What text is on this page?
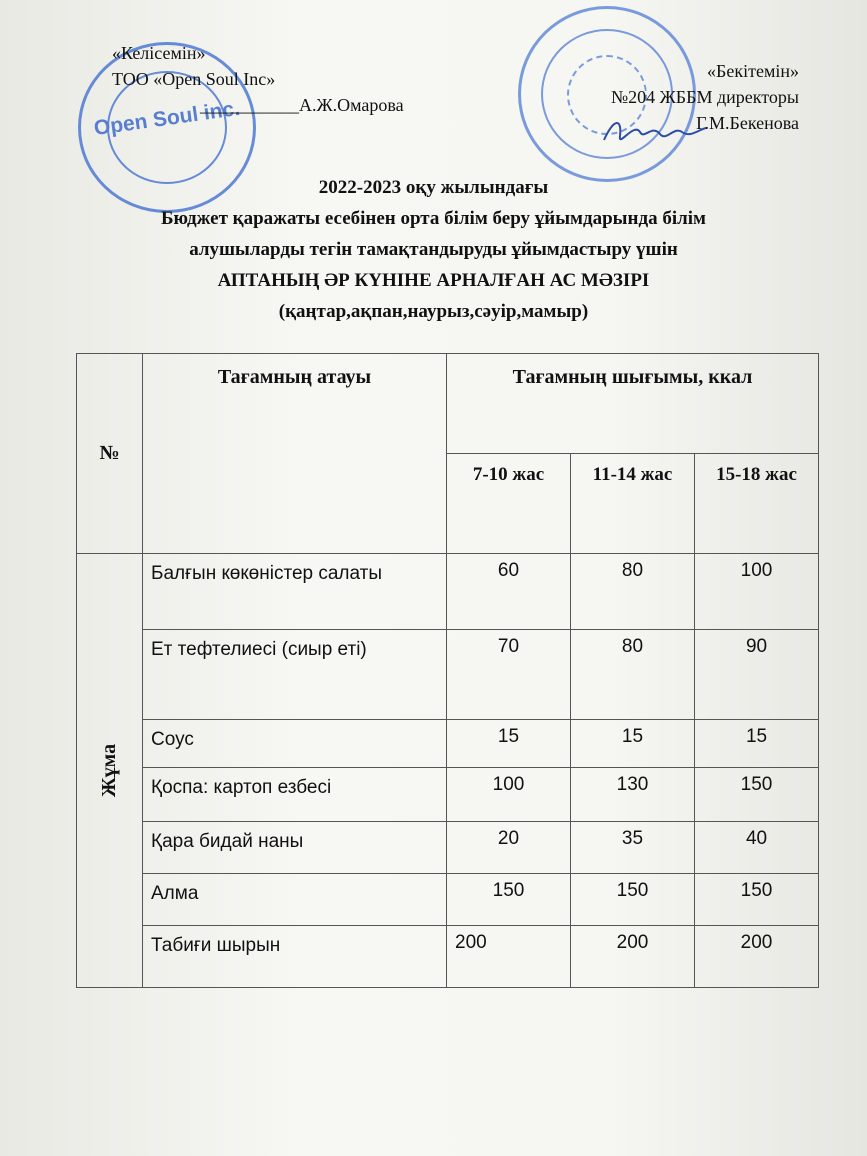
Open Soul inc.
«Келісемін»
ТОО «Open Soul Inc»
___________А.Ж.Омарова
«Бекітемін»
№204 ЖББМ директоры
Г.М.Бекенова
2022-2023 оқу жылындағы
Бюджет қаражаты есебінен орта білім беру ұйымдарында білім
алушыларды тегін тамақтандыруды ұйымдастыру үшін
АПТАНЫҢ ӘР КҮНІНЕ АРНАЛҒАН АС МӘЗІРІ
(қаңтар,ақпан,наурыз,сәуір,мамыр)
№	Тағамның атауы	Тағамның шығымы, ккал		
		7-10 жас	11-14 жас	15-18 жас
Жұма	Балғын көкөністер салаты	60	80	100
	Ет тефтелиесі (сиыр еті)	70	80	90
	Соус	15	15	15
	Қоспа: картоп езбесі	100	130	150
	Қара бидай наны	20	35	40
	Алма	150	150	150
	Табиғи шырын	200	200	200
